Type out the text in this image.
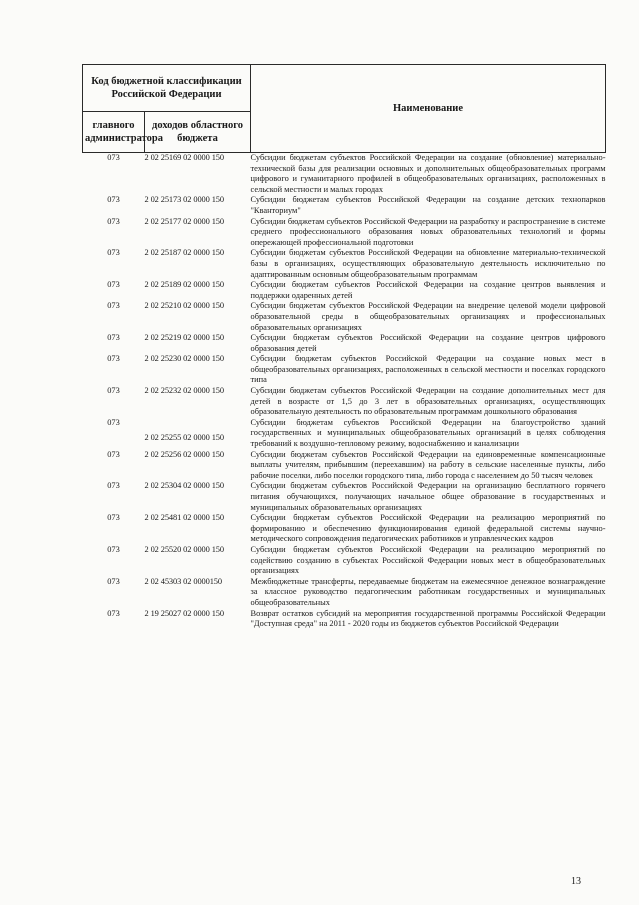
Код бюджетной классификации Российской Федерации		Наименование
главного администратора	доходов областного бюджета	
073	2 02 25169 02 0000 150	Субсидии бюджетам субъектов Российской Федерации на создание (обновление) материально-технической базы для реализации основных и дополнительных общеобразовательных программ цифрового и гуманитарного профилей в общеобразовательных организациях, расположенных в сельской местности и малых городах
073	2 02 25173 02 0000 150	Субсидии бюджетам субъектов Российской Федерации на создание детских технопарков "Кванториум"
073	2 02 25177 02 0000 150	Субсидии бюджетам субъектов Российской Федерации на разработку и распространение в системе среднего профессионального образования новых образовательных технологий и формы опережающей профессиональной подготовки
073	2 02 25187 02 0000 150	Субсидии бюджетам субъектов Российской Федерации на обновление материально-технической базы в организациях, осуществляющих образовательную деятельность исключительно по адаптированным основным общеобразовательным программам
073	2 02 25189 02 0000 150	Субсидии бюджетам субъектов Российской Федерации на создание центров выявления и поддержки одаренных детей
073	2 02 25210 02 0000 150	Субсидии бюджетам субъектов Российской Федерации на внедрение целевой модели цифровой образовательной среды в общеобразовательных организациях и профессиональных образовательных организациях
073	2 02 25219 02 0000 150	Субсидии бюджетам субъектов Российской Федерации на создание центров цифрового образования детей
073	2 02 25230 02 0000 150	Субсидии бюджетам субъектов Российской Федерации на создание новых мест в общеобразовательных организациях, расположенных в сельской местности и поселках городского типа
073	2 02 25232 02 0000 150	Субсидии бюджетам субъектов Российской Федерации на создание дополнительных мест для детей в возрасте от 1,5 до 3 лет в образовательных организациях, осуществляющих образовательную деятельность по образовательным программам дошкольного образования
073	2 02 25255 02 0000 150	Субсидии бюджетам субъектов Российской Федерации на благоустройство зданий государственных и муниципальных общеобразовательных организаций в целях соблюдения требований к воздушно-тепловому режиму, водоснабжению и канализации
073	2 02 25256 02 0000 150	Субсидии бюджетам субъектов Российской Федерации на единовременные компенсационные выплаты учителям, прибывшим (переехавшим) на работу в сельские населенные пункты, либо рабочие поселки, либо поселки городского типа, либо города с населением до 50 тысяч человек
073	2 02 25304 02 0000 150	Субсидии бюджетам субъектов Российской Федерации на организацию бесплатного горячего питания обучающихся, получающих начальное общее образование в государственных и муниципальных образовательных организациях
073	2 02 25481 02 0000 150	Субсидии бюджетам субъектов Российской Федерации на реализацию мероприятий по формированию и обеспечению функционирования единой федеральной системы научно-методического сопровождения педагогических работников и управленческих кадров
073	2 02 25520 02 0000 150	Субсидии бюджетам субъектов Российской Федерации на реализацию мероприятий по содействию созданию в субъектах Российской Федерации новых мест в общеобразовательных организациях
073	2 02 45303 02 0000150	Межбюджетные трансферты, передаваемые бюджетам на ежемесячное денежное вознаграждение за классное руководство педагогическим работникам государственных и муниципальных общеобразовательных
073	2 19 25027 02 0000 150	Возврат остатков субсидий на мероприятия государственной программы Российской Федерации "Доступная среда" на 2011 - 2020 годы из бюджетов субъектов Российской Федерации
13
